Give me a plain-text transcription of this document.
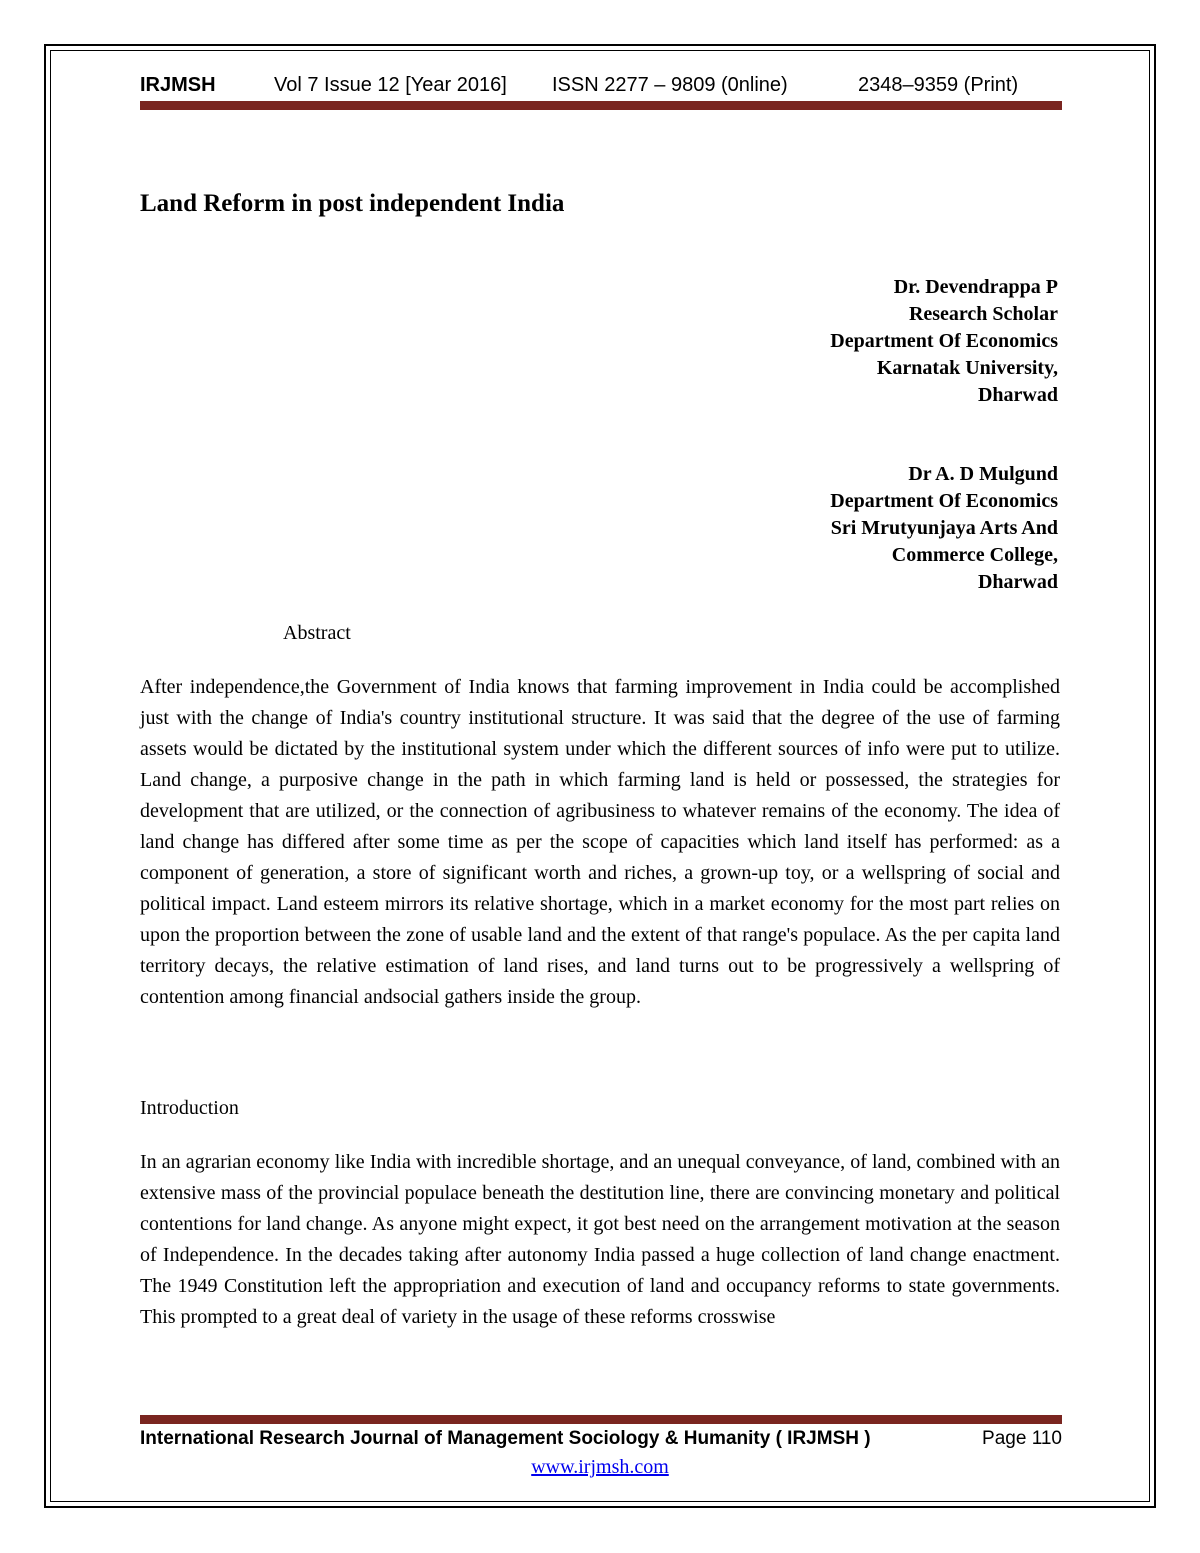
IRJMSH	Vol 7 Issue 12 [Year 2016] ISSN 2277 – 9809 (0nline)	2348–9359 (Print)
Land Reform in post independent India
Dr. Devendrappa P
Research Scholar
Department Of Economics
Karnatak University,
Dharwad
Dr A. D Mulgund
Department Of Economics
Sri Mrutyunjaya Arts And
Commerce College,
Dharwad
Abstract
After independence,the Government of India knows that farming improvement in India could be accomplished just with the change of India's country institutional structure. It was said that the degree of the use of farming assets would be dictated by the institutional system under which the different sources of info were put to utilize. Land change, a purposive change in the path in which farming land is held or possessed, the strategies for development that are utilized, or the connection of agribusiness to whatever remains of the economy. The idea of land change has differed after some time as per the scope of capacities which land itself has performed: as a component of generation, a store of significant worth and riches, a grown-up toy, or a wellspring of social and political impact. Land esteem mirrors its relative shortage, which in a market economy for the most part relies on upon the proportion between the zone of usable land and the extent of that range's populace. As the per capita land territory decays, the relative estimation of land rises, and land turns out to be progressively a wellspring of contention among financial andsocial gathers inside the group.
Introduction
In an agrarian economy like India with incredible shortage, and an unequal conveyance, of land, combined with an extensive mass of the provincial populace beneath the destitution line, there are convincing monetary and political contentions for land change. As anyone might expect, it got best need on the arrangement motivation at the season of Independence. In the decades taking after autonomy India passed a huge collection of land change enactment. The 1949 Constitution left the appropriation and execution of land and occupancy reforms to state governments. This prompted to a great deal of variety in the usage of these reforms crosswise
International Research Journal of Management Sociology & Humanity ( IRJMSH )	Page 110
www.irjmsh.com
